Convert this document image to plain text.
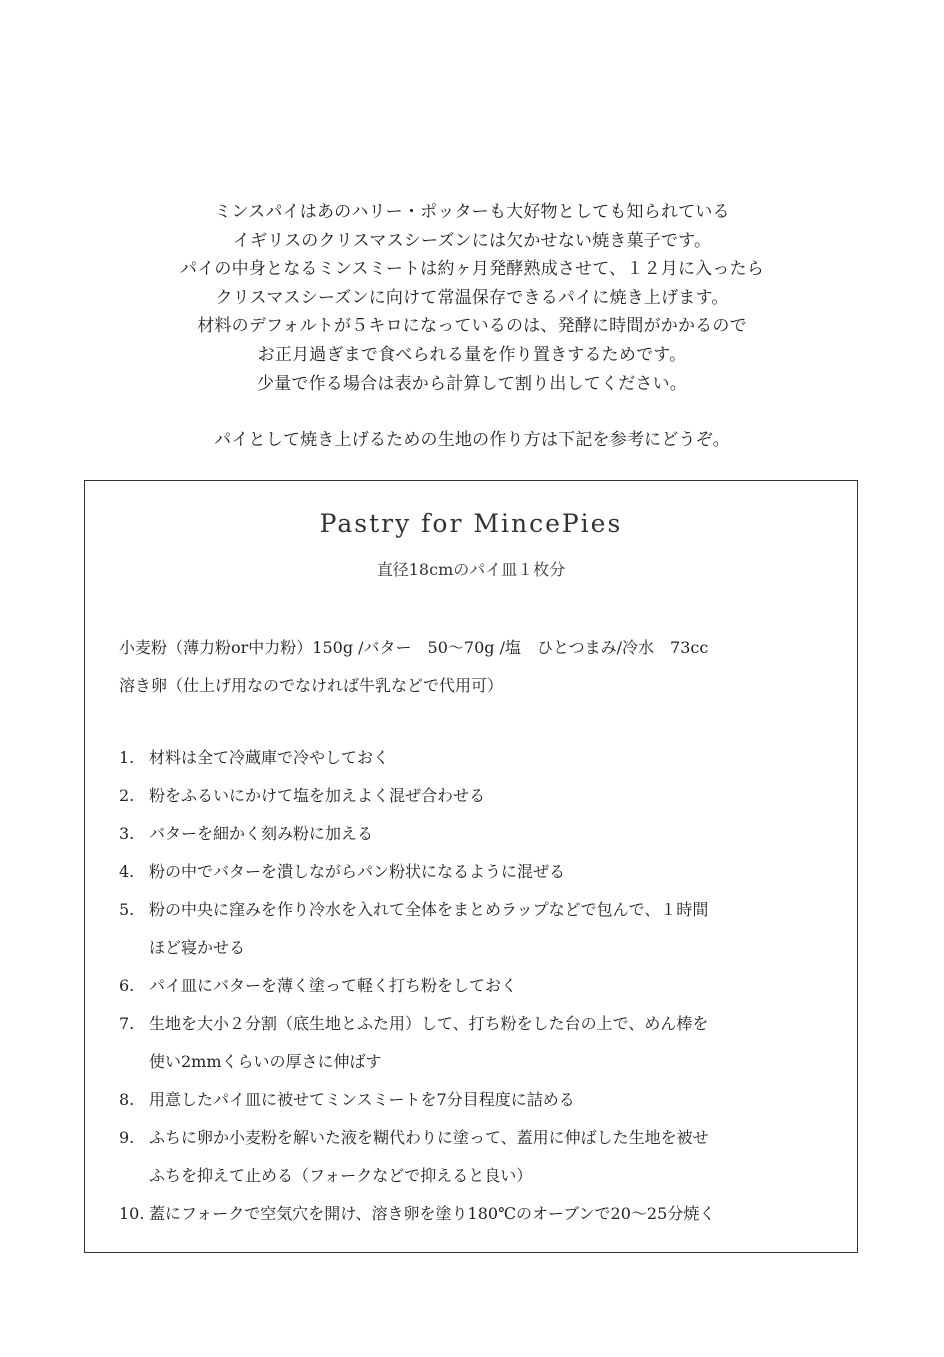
ミンスパイはあのハリー・ポッターも大好物としても知られている
イギリスのクリスマスシーズンには欠かせない焼き菓子です。
パイの中身となるミンスミートは約ヶ月発酵熟成させて、１２月に入ったら
クリスマスシーズンに向けて常温保存できるパイに焼き上げます。
材料のデフォルトが５キロになっているのは、発酵に時間がかかるので
お正月過ぎまで食べられる量を作り置きするためです。
少量で作る場合は表から計算して割り出してください。
パイとして焼き上げるための生地の作り方は下記を参考にどうぞ。
Pastry for MincePies
直径18cmのパイ皿１枚分
小麦粉（薄力粉or中力粉）150g /バター　50〜70g /塩　ひとつまみ/冷水　73cc
溶き卵（仕上げ用なのでなければ牛乳などで代用可）
1. 材料は全て冷蔵庫で冷やしておく
2. 粉をふるいにかけて塩を加えよく混ぜ合わせる
3. バターを細かく刻み粉に加える
4. 粉の中でバターを潰しながらパン粉状になるように混ぜる
5. 粉の中央に窪みを作り冷水を入れて全体をまとめラップなどで包んで、１時間
ほど寝かせる
6. パイ皿にバターを薄く塗って軽く打ち粉をしておく
7. 生地を大小２分割（底生地とふた用）して、打ち粉をした台の上で、めん棒を
使い2mmくらいの厚さに伸ばす
8. 用意したパイ皿に被せてミンスミートを7分目程度に詰める
9. ふちに卵か小麦粉を解いた液を糊代わりに塗って、蓋用に伸ばした生地を被せ
ふちを抑えて止める（フォークなどで抑えると良い）
10. 蓋にフォークで空気穴を開け、溶き卵を塗り180℃のオーブンで20〜25分焼く
